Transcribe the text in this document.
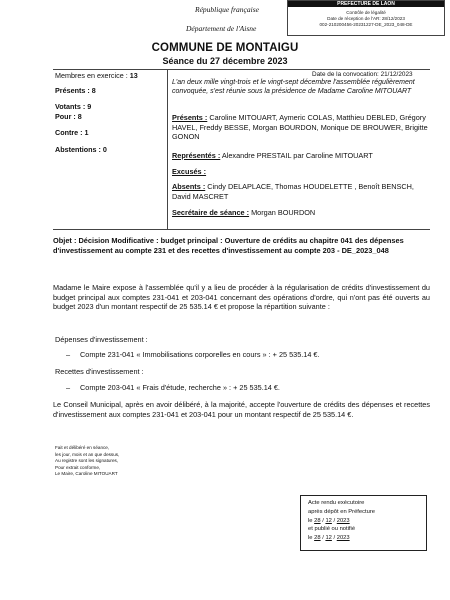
PREFECTURE DE LAON
Contrôle de légalité
Date de réception de l'AR: 28/12/2023
002-210200456-20231227-DE_2023_048-DE
République française
Département de l'Aisne
COMMUNE DE MONTAIGU
Séance du 27 décembre 2023
Membres en exercice : 13
Présents : 8
Votants : 9
Pour : 8
Contre : 1
Abstentions : 0
Date de la convocation: 21/12/2023
L'an deux mille vingt-trois et le vingt-sept décembre l'assemblée régulièrement convoquée, s'est réunie sous la présidence de Madame Caroline MITOUART
Présents : Caroline MITOUART, Aymeric COLAS, Matthieu DEBLED, Grégory HAVEL, Freddy BESSE, Morgan BOURDON, Monique DE BROUWER, Brigitte GONON
Représentés : Alexandre PRESTAIL par Caroline MITOUART
Excusés :
Absents : Cindy DELAPLACE, Thomas HOUDELETTE , Benoît BENSCH, David MASCRET
Secrétaire de séance : Morgan BOURDON
Objet : Décision Modificative : budget principal : Ouverture de crédits au chapitre 041 des dépenses d'investissement au compte 231 et des recettes d'investissement au compte 203 - DE_2023_048
Madame le Maire expose à l'assemblée qu'il y a lieu de procéder à la régularisation de crédits d'investissement du budget principal aux comptes 231-041 et 203-041 concernant des opérations d'ordre, qui n'ont pas été ouverts au budget 2023 d'un montant respectif de 25 535.14 € et propose la répartition suivante :
Dépenses d'investissement :
– Compte 231-041 « Immobilisations corporelles en cours » : + 25 535.14 €.
Recettes d'investissement :
– Compte 203-041 « Frais d'étude, recherche » : + 25 535.14 €.
Le Conseil Municipal, après en avoir délibéré, à la majorité, accepte l'ouverture de crédits des dépenses et recettes d'investissement aux comptes 231-041 et 203-041 pour un montant respectif de 25 535.14 €.
Fait et délibéré en séance,
les jour, mois et an que dessus,
Au registre sont les signatures,
Pour extrait conforme,
Le Maire, Caroline MITOUART
Acte rendu exécutoire
après dépôt en Préfecture
le 28 / 12 / 2023
et publié ou notifié
le 28 / 12 / 2023
